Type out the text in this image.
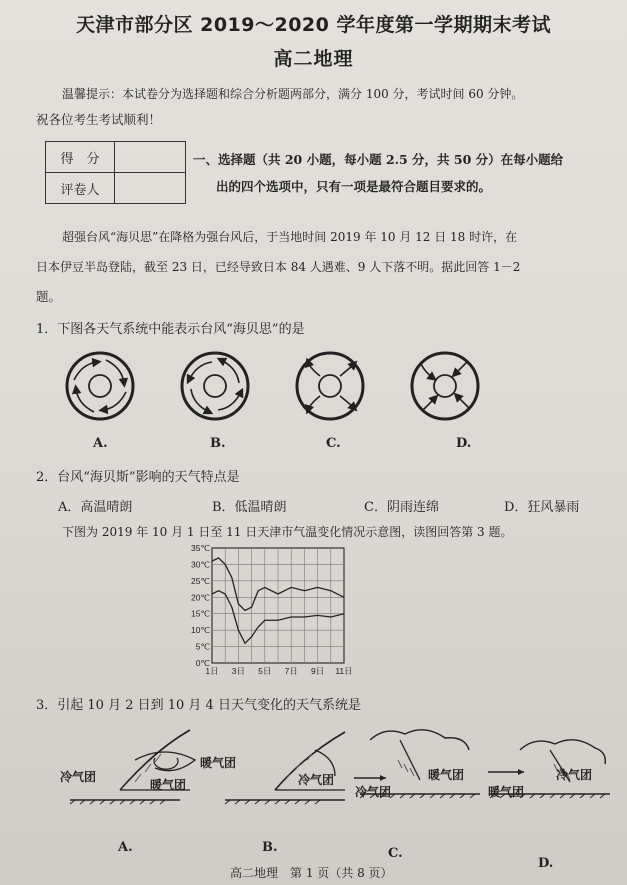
天津市部分区 2019～2020 学年度第一学期期末考试
高二地理
温馨提示：本试卷分为选择题和综合分析题两部分，满分 100 分，考试时间 60 分钟。
祝各位考生考试顺利！
得　分	
评卷人	
一、选择题（共 20 小题，每小题 2.5 分，共 50 分）在每小题给
出的四个选项中，只有一项是最符合题目要求的。
超强台风“海贝思”在降格为强台风后，于当地时间 2019 年 10 月 12 日 18 时许，在
日本伊豆半岛登陆，截至 23 日，已经导致日本 84 人遇难、9 人下落不明。据此回答 1－2
题。
1．下图各天气系统中能表示台风“海贝思”的是
A.	B.	C.	D.
2．台风“海贝斯”影响的天气特点是
A．高温晴朗	B．低温晴朗	C．阴雨连绵	D．狂风暴雨
下图为 2019 年 10 月 1 日至 11 日天津市气温变化情况示意图，读图回答第 3 题。
0℃
5℃
10℃
15℃
20℃
25℃
30℃
35℃
1日 3日 5日 7日 9日 11日
3．引起 10 月 2 日到 10 月 4 日天气变化的天气系统是
冷气团
暖气团
暖气团
冷气团
冷气团
暖气团
暖气团
冷气团
A.	B.	C.
D.
高二地理　第 1 页（共 8 页）
